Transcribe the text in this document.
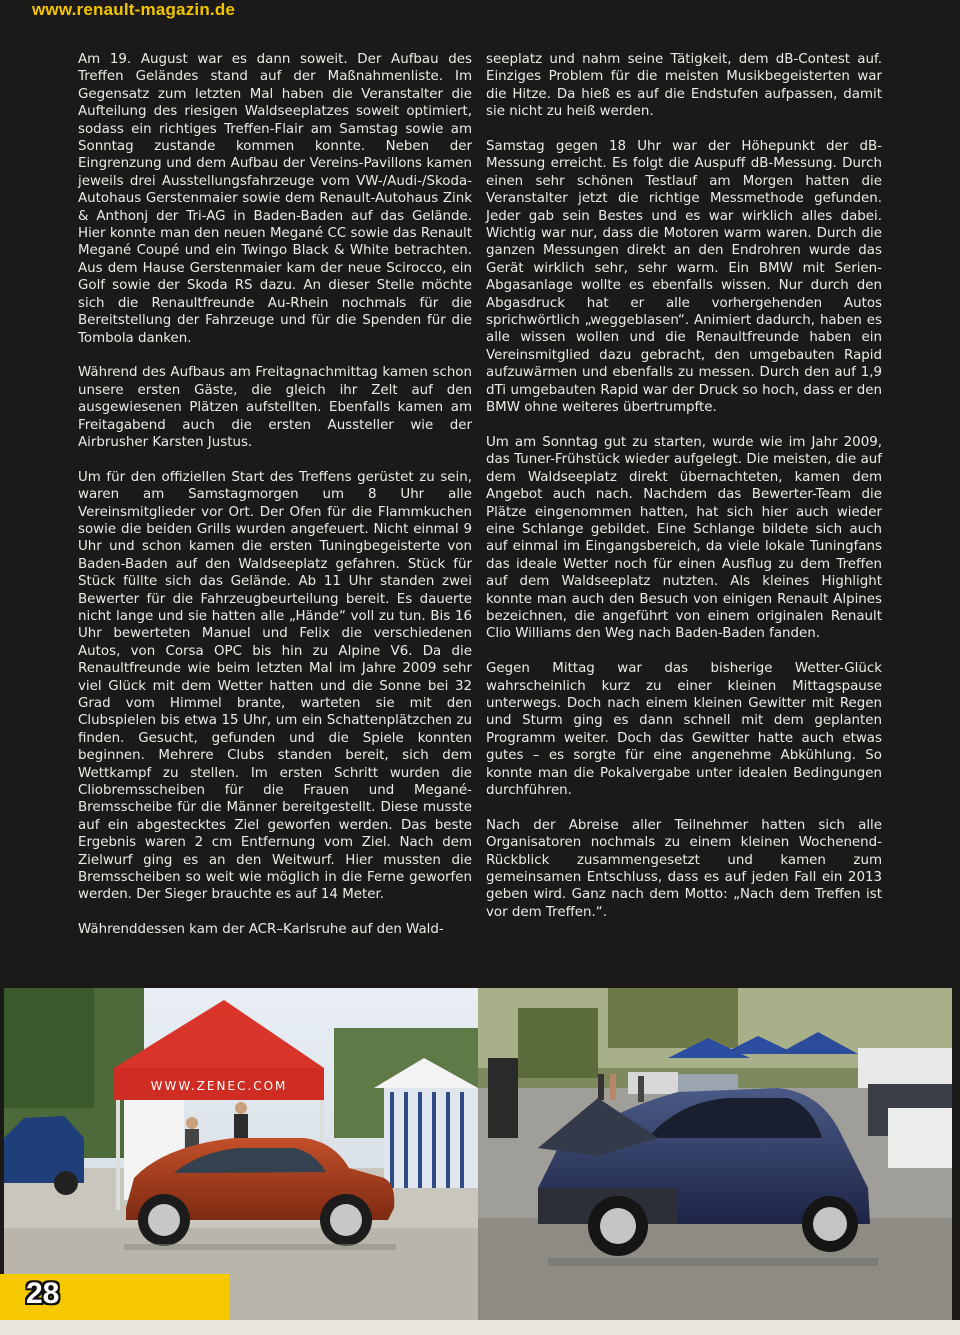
www.renault-magazin.de

Am 19. August war es dann soweit. Der Aufbau des Treffen Geländes stand auf der Maßnahmenliste. Im Gegensatz zum letzten Mal haben die Veranstalter die Aufteilung des riesigen Waldseeplatzes soweit optimiert, sodass ein richtiges Treffen-Flair am Samstag sowie am Sonntag zustande kommen konnte. Neben der Eingrenzung und dem Aufbau der Vereins-Pavillons kamen jeweils drei Ausstellungsfahrzeuge vom VW-/Audi-/Skoda-Autohaus Gerstenmaier sowie dem Renault-Autohaus Zink & Anthonj der Tri-AG in Baden-Baden auf das Gelände. Hier konnte man den neuen Megané CC sowie das Renault Megané Coupé und ein Twingo Black & White betrachten. Aus dem Hause Gerstenmaier kam der neue Scirocco, ein Golf sowie der Skoda RS dazu. An dieser Stelle möchte sich die Renaultfreunde Au-Rhein nochmals für die Bereitstellung der Fahrzeuge und für die Spenden für die Tombola danken.

Während des Aufbaus am Freitagnachmittag kamen schon unsere ersten Gäste, die gleich ihr Zelt auf den ausgewiesenen Plätzen aufstellten. Ebenfalls kamen am Freitagabend auch die ersten Aussteller wie der Airbrusher Karsten Justus.

Um für den offiziellen Start des Treffens gerüstet zu sein, waren am Samstagmorgen um 8 Uhr alle Vereinsmitglieder vor Ort. Der Ofen für die Flammkuchen sowie die beiden Grills wurden angefeuert. Nicht einmal 9 Uhr und schon kamen die ersten Tuningbegeisterte von Baden-Baden auf den Waldseeplatz gefahren. Stück für Stück füllte sich das Gelände. Ab 11 Uhr standen zwei Bewerter für die Fahrzeugbeurteilung bereit. Es dauerte nicht lange und sie hatten alle „Hände“ voll zu tun. Bis 16 Uhr bewerteten Manuel und Felix die verschiedenen Autos, von Corsa OPC bis hin zu Alpine V6. Da die Renaultfreunde wie beim letzten Mal im Jahre 2009 sehr viel Glück mit dem Wetter hatten und die Sonne bei 32 Grad vom Himmel brante, warteten sie mit den Clubspielen bis etwa 15 Uhr, um ein Schattenplätzchen zu finden. Gesucht, gefunden und die Spiele konnten beginnen. Mehrere Clubs standen bereit, sich dem Wettkampf zu stellen. Im ersten Schritt wurden die Cliobremsscheiben für die Frauen und Megané-Bremsscheibe für die Männer bereitgestellt. Diese musste auf ein abgestecktes Ziel geworfen werden. Das beste Ergebnis waren 2 cm Entfernung vom Ziel. Nach dem Zielwurf ging es an den Weitwurf. Hier mussten die Bremsscheiben so weit wie möglich in die Ferne geworfen werden. Der Sieger brauchte es auf 14 Meter.

Währenddessen kam der ACR–Karlsruhe auf den Wald-

seeplatz und nahm seine Tätigkeit, dem dB-Contest auf. Einziges Problem für die meisten Musikbegeisterten war die Hitze. Da hieß es auf die Endstufen aufpassen, damit sie nicht zu heiß werden.

Samstag gegen 18 Uhr war der Höhepunkt der dB-Messung erreicht. Es folgt die Auspuff dB-Messung. Durch einen sehr schönen Testlauf am Morgen hatten die Veranstalter jetzt die richtige Messmethode gefunden. Jeder gab sein Bestes und es war wirklich alles dabei. Wichtig war nur, dass die Motoren warm waren. Durch die ganzen Messungen direkt an den Endrohren wurde das Gerät wirklich sehr, sehr warm. Ein BMW mit Serien-Abgasanlage wollte es ebenfalls wissen. Nur durch den Abgasdruck hat er alle vorhergehenden Autos sprichwörtlich „weggeblasen“. Animiert dadurch, haben es alle wissen wollen und die Renaultfreunde haben ein Vereinsmitglied dazu gebracht, den umgebauten Rapid aufzuwärmen und ebenfalls zu messen. Durch den auf 1,9 dTi umgebauten Rapid war der Druck so hoch, dass er den BMW ohne weiteres übertrumpfte.

Um am Sonntag gut zu starten, wurde wie im Jahr 2009, das Tuner-Frühstück wieder aufgelegt. Die meisten, die auf dem Waldseeplatz direkt übernachteten, kamen dem Angebot auch nach. Nachdem das Bewerter-Team die Plätze eingenommen hatten, hat sich hier auch wieder eine Schlange gebildet. Eine Schlange bildete sich auch auf einmal im Eingangsbereich, da viele lokale Tuningfans das ideale Wetter noch für einen Ausflug zu dem Treffen auf dem Waldseeplatz nutzten. Als kleines Highlight konnte man auch den Besuch von einigen Renault Alpines bezeichnen, die angeführt von einem originalen Renault Clio Williams den Weg nach Baden-Baden fanden.

Gegen Mittag war das bisherige Wetter-Glück wahrscheinlich kurz zu einer kleinen Mittagspause unterwegs. Doch nach einem kleinen Gewitter mit Regen und Sturm ging es dann schnell mit dem geplanten Programm weiter. Doch das Gewitter hatte auch etwas gutes – es sorgte für eine angenehme Abkühlung. So konnte man die Pokalvergabe unter idealen Bedingungen durchführen.

Nach der Abreise aller Teilnehmer hatten sich alle Organisatoren nochmals zu einem kleinen Wochenend-Rückblick zusammengesetzt und kamen zum gemeinsamen Entschluss, dass es auf jeden Fall ein 2013 geben wird. Ganz nach dem Motto: „Nach dem Treffen ist vor dem Treffen.“.

WWW.ZENEC.COM
28
